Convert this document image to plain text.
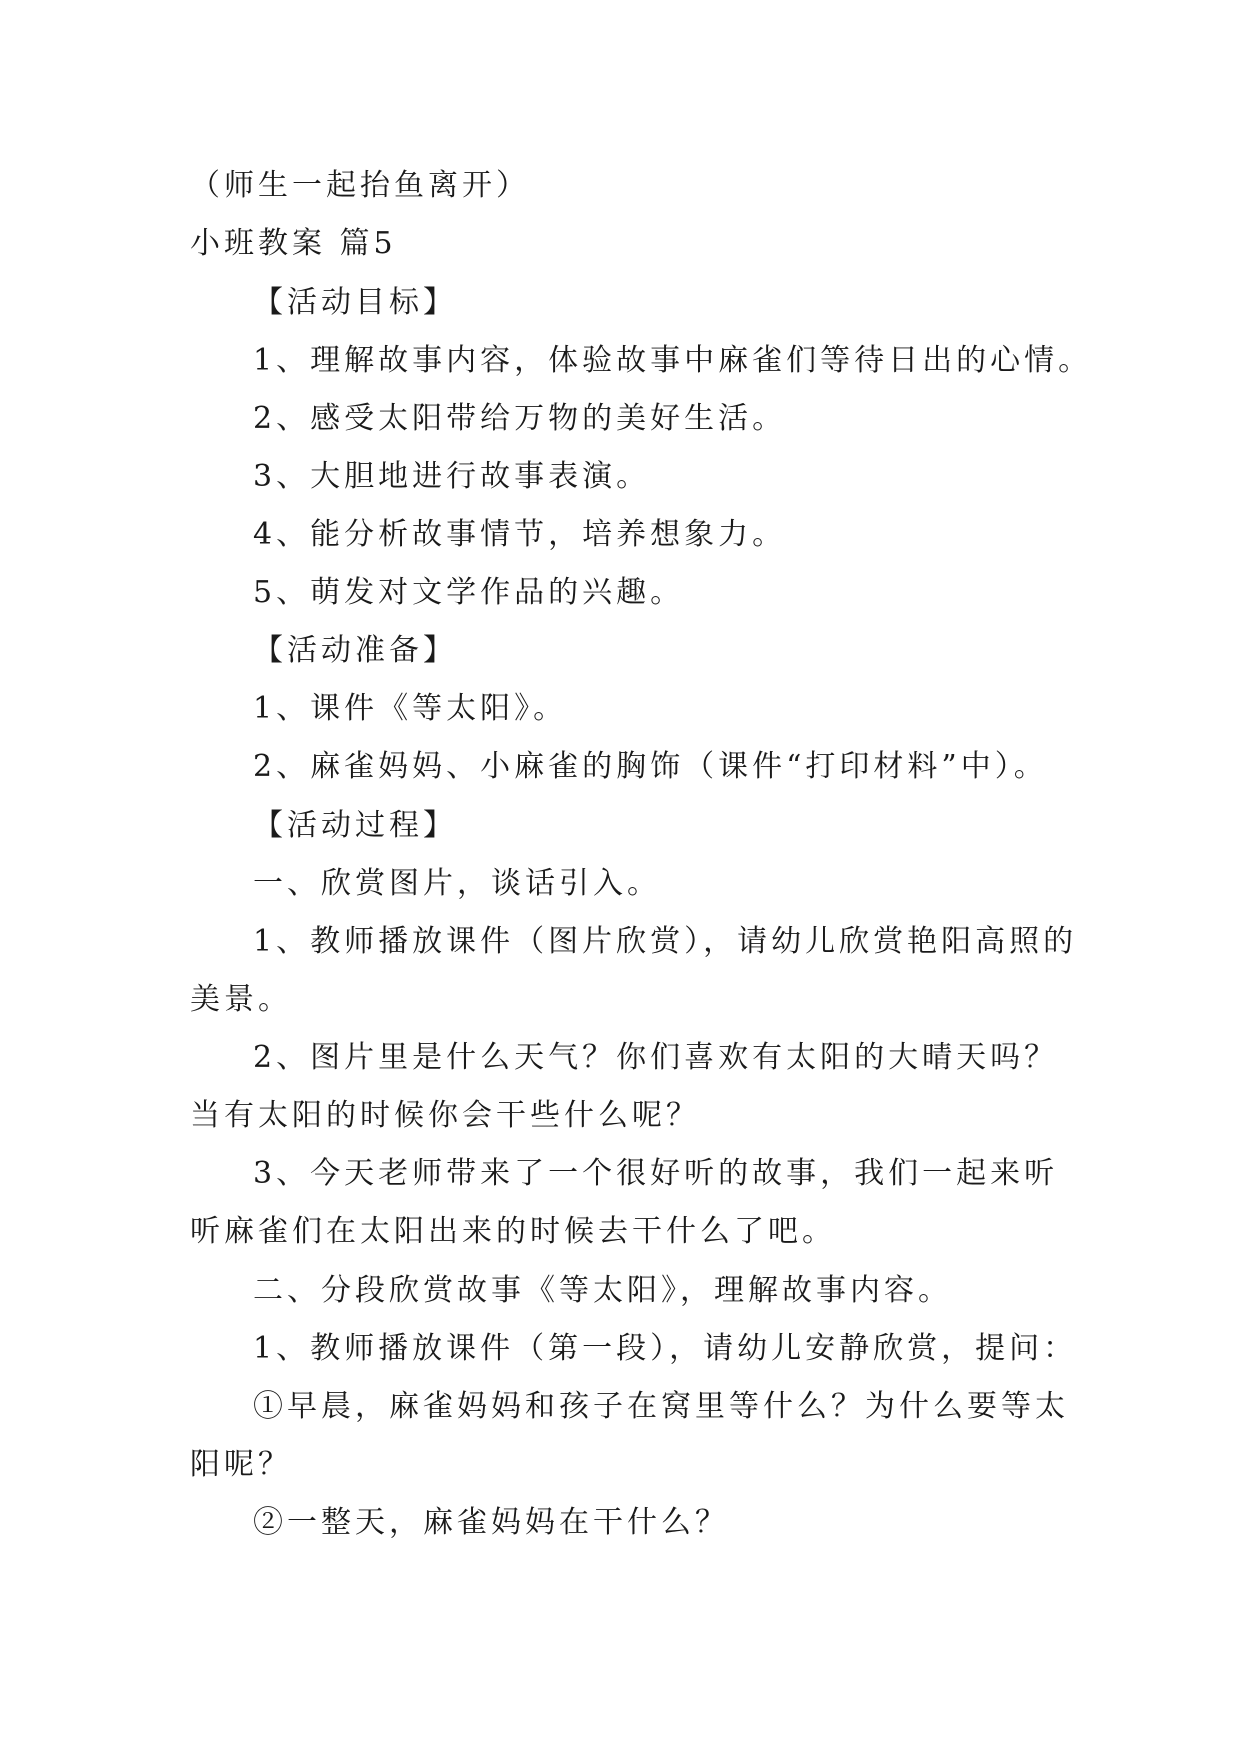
（师生一起抬鱼离开）
小班教案 篇5
【活动目标】
1、理解故事内容，体验故事中麻雀们等待日出的心情。
2、感受太阳带给万物的美好生活。
3、大胆地进行故事表演。
4、能分析故事情节，培养想象力。
5、萌发对文学作品的兴趣。
【活动准备】
1、课件《等太阳》。
2、麻雀妈妈、小麻雀的胸饰（课件“打印材料”中）。
【活动过程】
一、欣赏图片，谈话引入。
1、教师播放课件（图片欣赏），请幼儿欣赏艳阳高照的
美景。
2、图片里是什么天气？你们喜欢有太阳的大晴天吗？
当有太阳的时候你会干些什么呢？
3、今天老师带来了一个很好听的故事，我们一起来听
听麻雀们在太阳出来的时候去干什么了吧。
二、分段欣赏故事《等太阳》，理解故事内容。
1、教师播放课件（第一段），请幼儿安静欣赏，提问：
①早晨，麻雀妈妈和孩子在窝里等什么？为什么要等太
阳呢？
②一整天，麻雀妈妈在干什么？
